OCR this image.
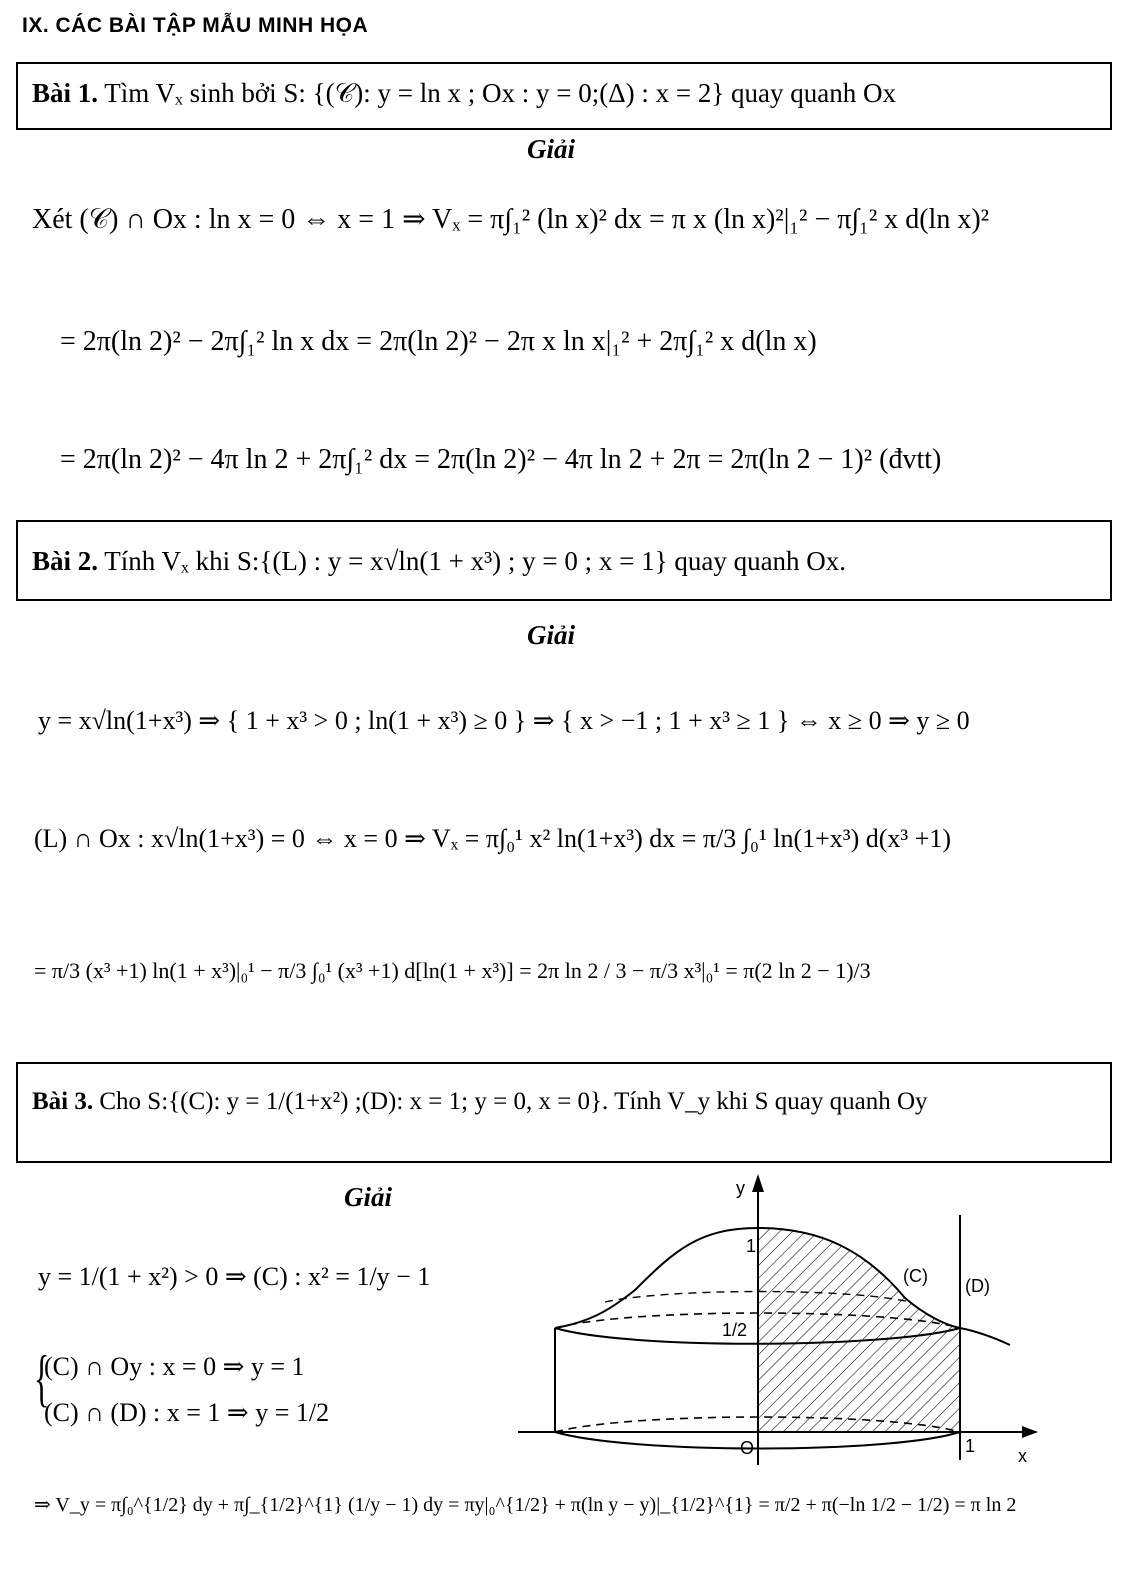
IX. CÁC BÀI TẬP MẪU MINH HỌA
Bài 1. Tìm Vₓ sinh bởi S: {(𝒞): y = ln x ; Ox : y = 0;(Δ) : x = 2} quay quanh Ox
Giải
Xét (𝒞) ∩ Ox : ln x = 0 ⇔ x = 1 ⇒ Vₓ = π∫₁² (ln x)² dx = π x (ln x)²|₁² − π∫₁² x d(ln x)²
= 2π(ln 2)² − 2π∫₁² ln x dx = 2π(ln 2)² − 2π x ln x|₁² + 2π∫₁² x d(ln x)
= 2π(ln 2)² − 4π ln 2 + 2π∫₁² dx = 2π(ln 2)² − 4π ln 2 + 2π = 2π(ln 2 − 1)² (đvtt)
Bài 2. Tính Vₓ khi S:{(L) : y = x√ln(1 + x³) ; y = 0 ; x = 1} quay quanh Ox.
Giải
y = x√ln(1+x³) ⇒ { 1 + x³ > 0 ; ln(1 + x³) ≥ 0 } ⇒ { x > −1 ; 1 + x³ ≥ 1 } ⇔ x ≥ 0 ⇒ y ≥ 0
(L) ∩ Ox : x√ln(1+x³) = 0 ⇔ x = 0 ⇒ Vₓ = π∫₀¹ x² ln(1+x³) dx = π/3 ∫₀¹ ln(1+x³) d(x³ +1)
= π/3 (x³ +1) ln(1 + x³)|₀¹ − π/3 ∫₀¹ (x³ +1) d[ln(1 + x³)] = 2π ln 2 / 3 − π/3 x³|₀¹ = π(2 ln 2 − 1)/3
Bài 3. Cho S:{(C): y = 1/(1+x²) ;(D): x = 1; y = 0, x = 0}. Tính V_y khi S quay quanh Oy
Giải
y = 1/(1 + x²) > 0 ⇒ (C) : x² = 1/y − 1
(C) ∩ Oy : x = 0 ⇒ y = 1
(C) ∩ (D) : x = 1 ⇒ y = 1/2
{
⇒ V_y = π∫₀^{1/2} dy + π∫_{1/2}^{1} (1/y − 1) dy = πy|₀^{1/2} + π(ln y − y)|_{1/2}^{1} = π/2 + π(−ln 1/2 − 1/2) = π ln 2
y
x
O
1
1/2
1
(C) (D)
